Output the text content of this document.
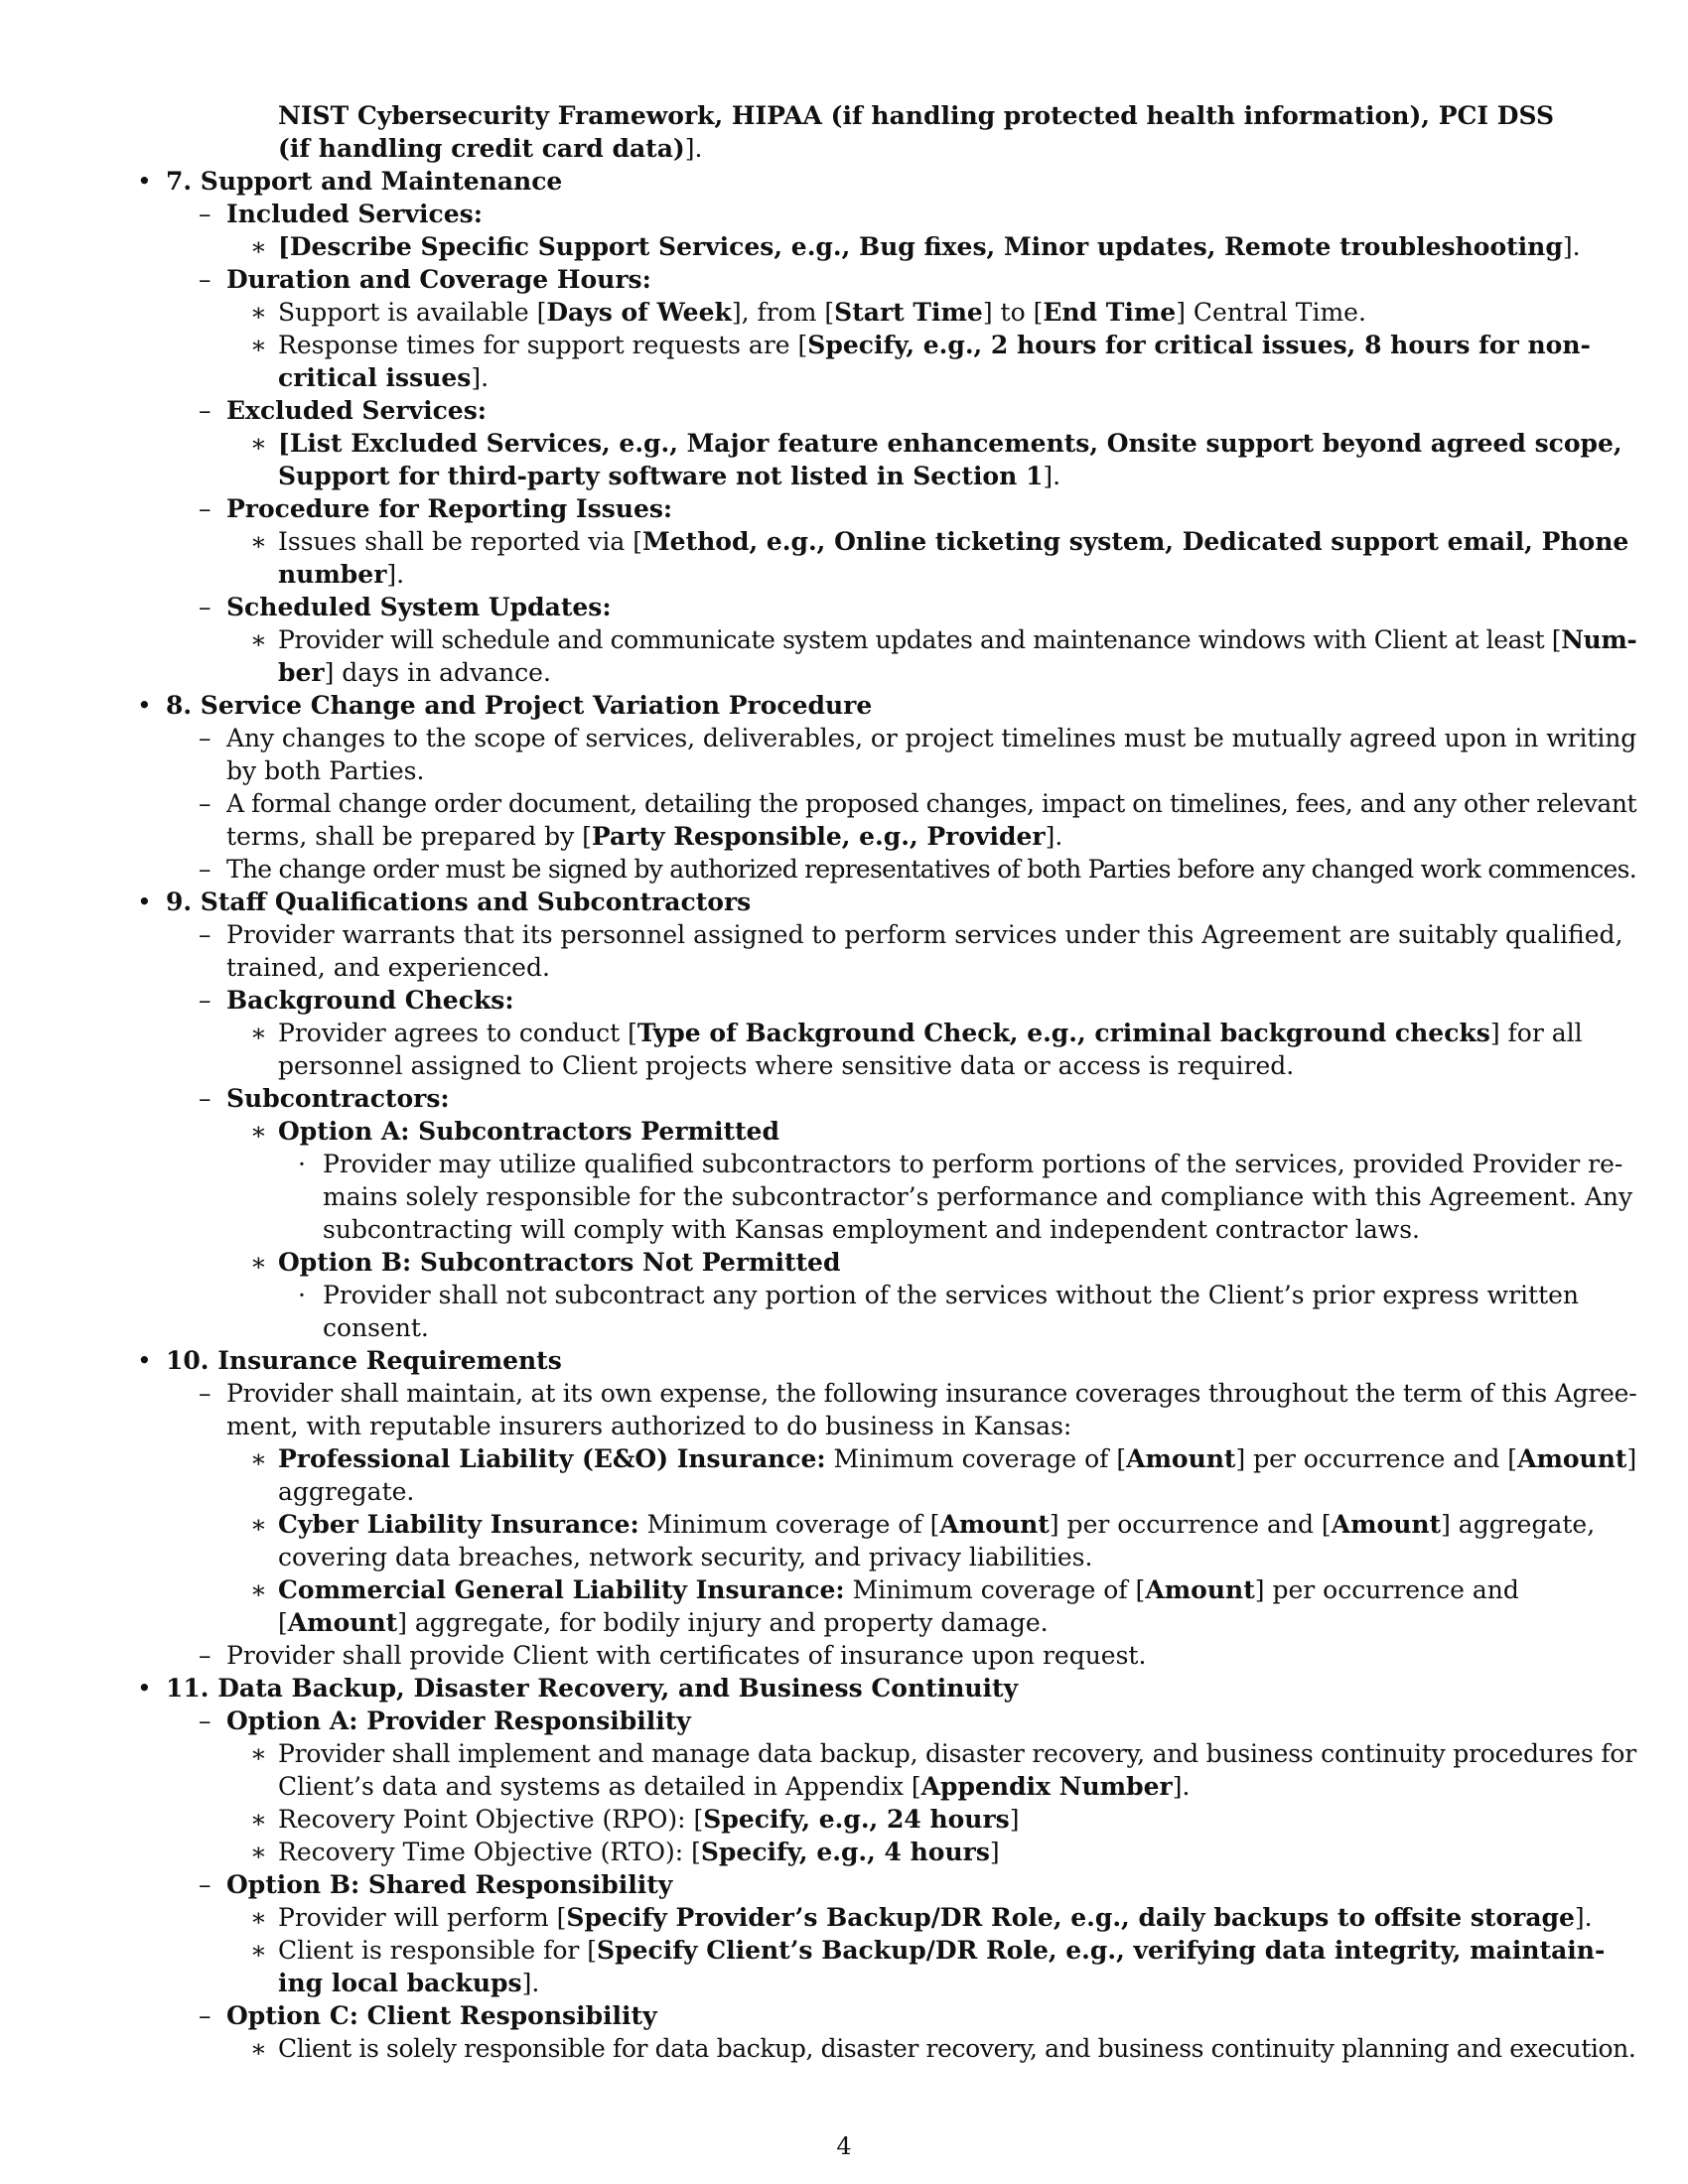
NIST Cybersecurity Framework, HIPAA (if handling protected health information), PCI DSS
(if handling credit card data)].
• 7. Support and Maintenance
– Included Services:
∗ [Describe Specific Support Services, e.g., Bug fixes, Minor updates, Remote troubleshooting].
– Duration and Coverage Hours:
∗ Support is available [Days of Week], from [Start Time] to [End Time] Central Time.
∗ Response times for support requests are [Specify, e.g., 2 hours for critical issues, 8 hours for non-
critical issues].
– Excluded Services:
∗ [List Excluded Services, e.g., Major feature enhancements, Onsite support beyond agreed scope,
Support for third-party software not listed in Section 1].
– Procedure for Reporting Issues:
∗ Issues shall be reported via [Method, e.g., Online ticketing system, Dedicated support email, Phone
number].
– Scheduled System Updates:
∗ Provider will schedule and communicate system updates and maintenance windows with Client at least [Num-
ber] days in advance.
• 8. Service Change and Project Variation Procedure
– Any changes to the scope of services, deliverables, or project timelines must be mutually agreed upon in writing
by both Parties.
– A formal change order document, detailing the proposed changes, impact on timelines, fees, and any other relevant
terms, shall be prepared by [Party Responsible, e.g., Provider].
– The change order must be signed by authorized representatives of both Parties before any changed work commences.
• 9. Staff Qualifications and Subcontractors
– Provider warrants that its personnel assigned to perform services under this Agreement are suitably qualified,
trained, and experienced.
– Background Checks:
∗ Provider agrees to conduct [Type of Background Check, e.g., criminal background checks] for all
personnel assigned to Client projects where sensitive data or access is required.
– Subcontractors:
∗ Option A: Subcontractors Permitted
· Provider may utilize qualified subcontractors to perform portions of the services, provided Provider re-
mains solely responsible for the subcontractor’s performance and compliance with this Agreement. Any
subcontracting will comply with Kansas employment and independent contractor laws.
∗ Option B: Subcontractors Not Permitted
· Provider shall not subcontract any portion of the services without the Client’s prior express written
consent.
• 10. Insurance Requirements
– Provider shall maintain, at its own expense, the following insurance coverages throughout the term of this Agree-
ment, with reputable insurers authorized to do business in Kansas:
∗ Professional Liability (E&O) Insurance: Minimum coverage of [Amount] per occurrence and [Amount]
aggregate.
∗ Cyber Liability Insurance: Minimum coverage of [Amount] per occurrence and [Amount] aggregate,
covering data breaches, network security, and privacy liabilities.
∗ Commercial General Liability Insurance: Minimum coverage of [Amount] per occurrence and
[Amount] aggregate, for bodily injury and property damage.
– Provider shall provide Client with certificates of insurance upon request.
• 11. Data Backup, Disaster Recovery, and Business Continuity
– Option A: Provider Responsibility
∗ Provider shall implement and manage data backup, disaster recovery, and business continuity procedures for
Client’s data and systems as detailed in Appendix [Appendix Number].
∗ Recovery Point Objective (RPO): [Specify, e.g., 24 hours]
∗ Recovery Time Objective (RTO): [Specify, e.g., 4 hours]
– Option B: Shared Responsibility
∗ Provider will perform [Specify Provider’s Backup/DR Role, e.g., daily backups to offsite storage].
∗ Client is responsible for [Specify Client’s Backup/DR Role, e.g., verifying data integrity, maintain-
ing local backups].
– Option C: Client Responsibility
∗ Client is solely responsible for data backup, disaster recovery, and business continuity planning and execution.
4
